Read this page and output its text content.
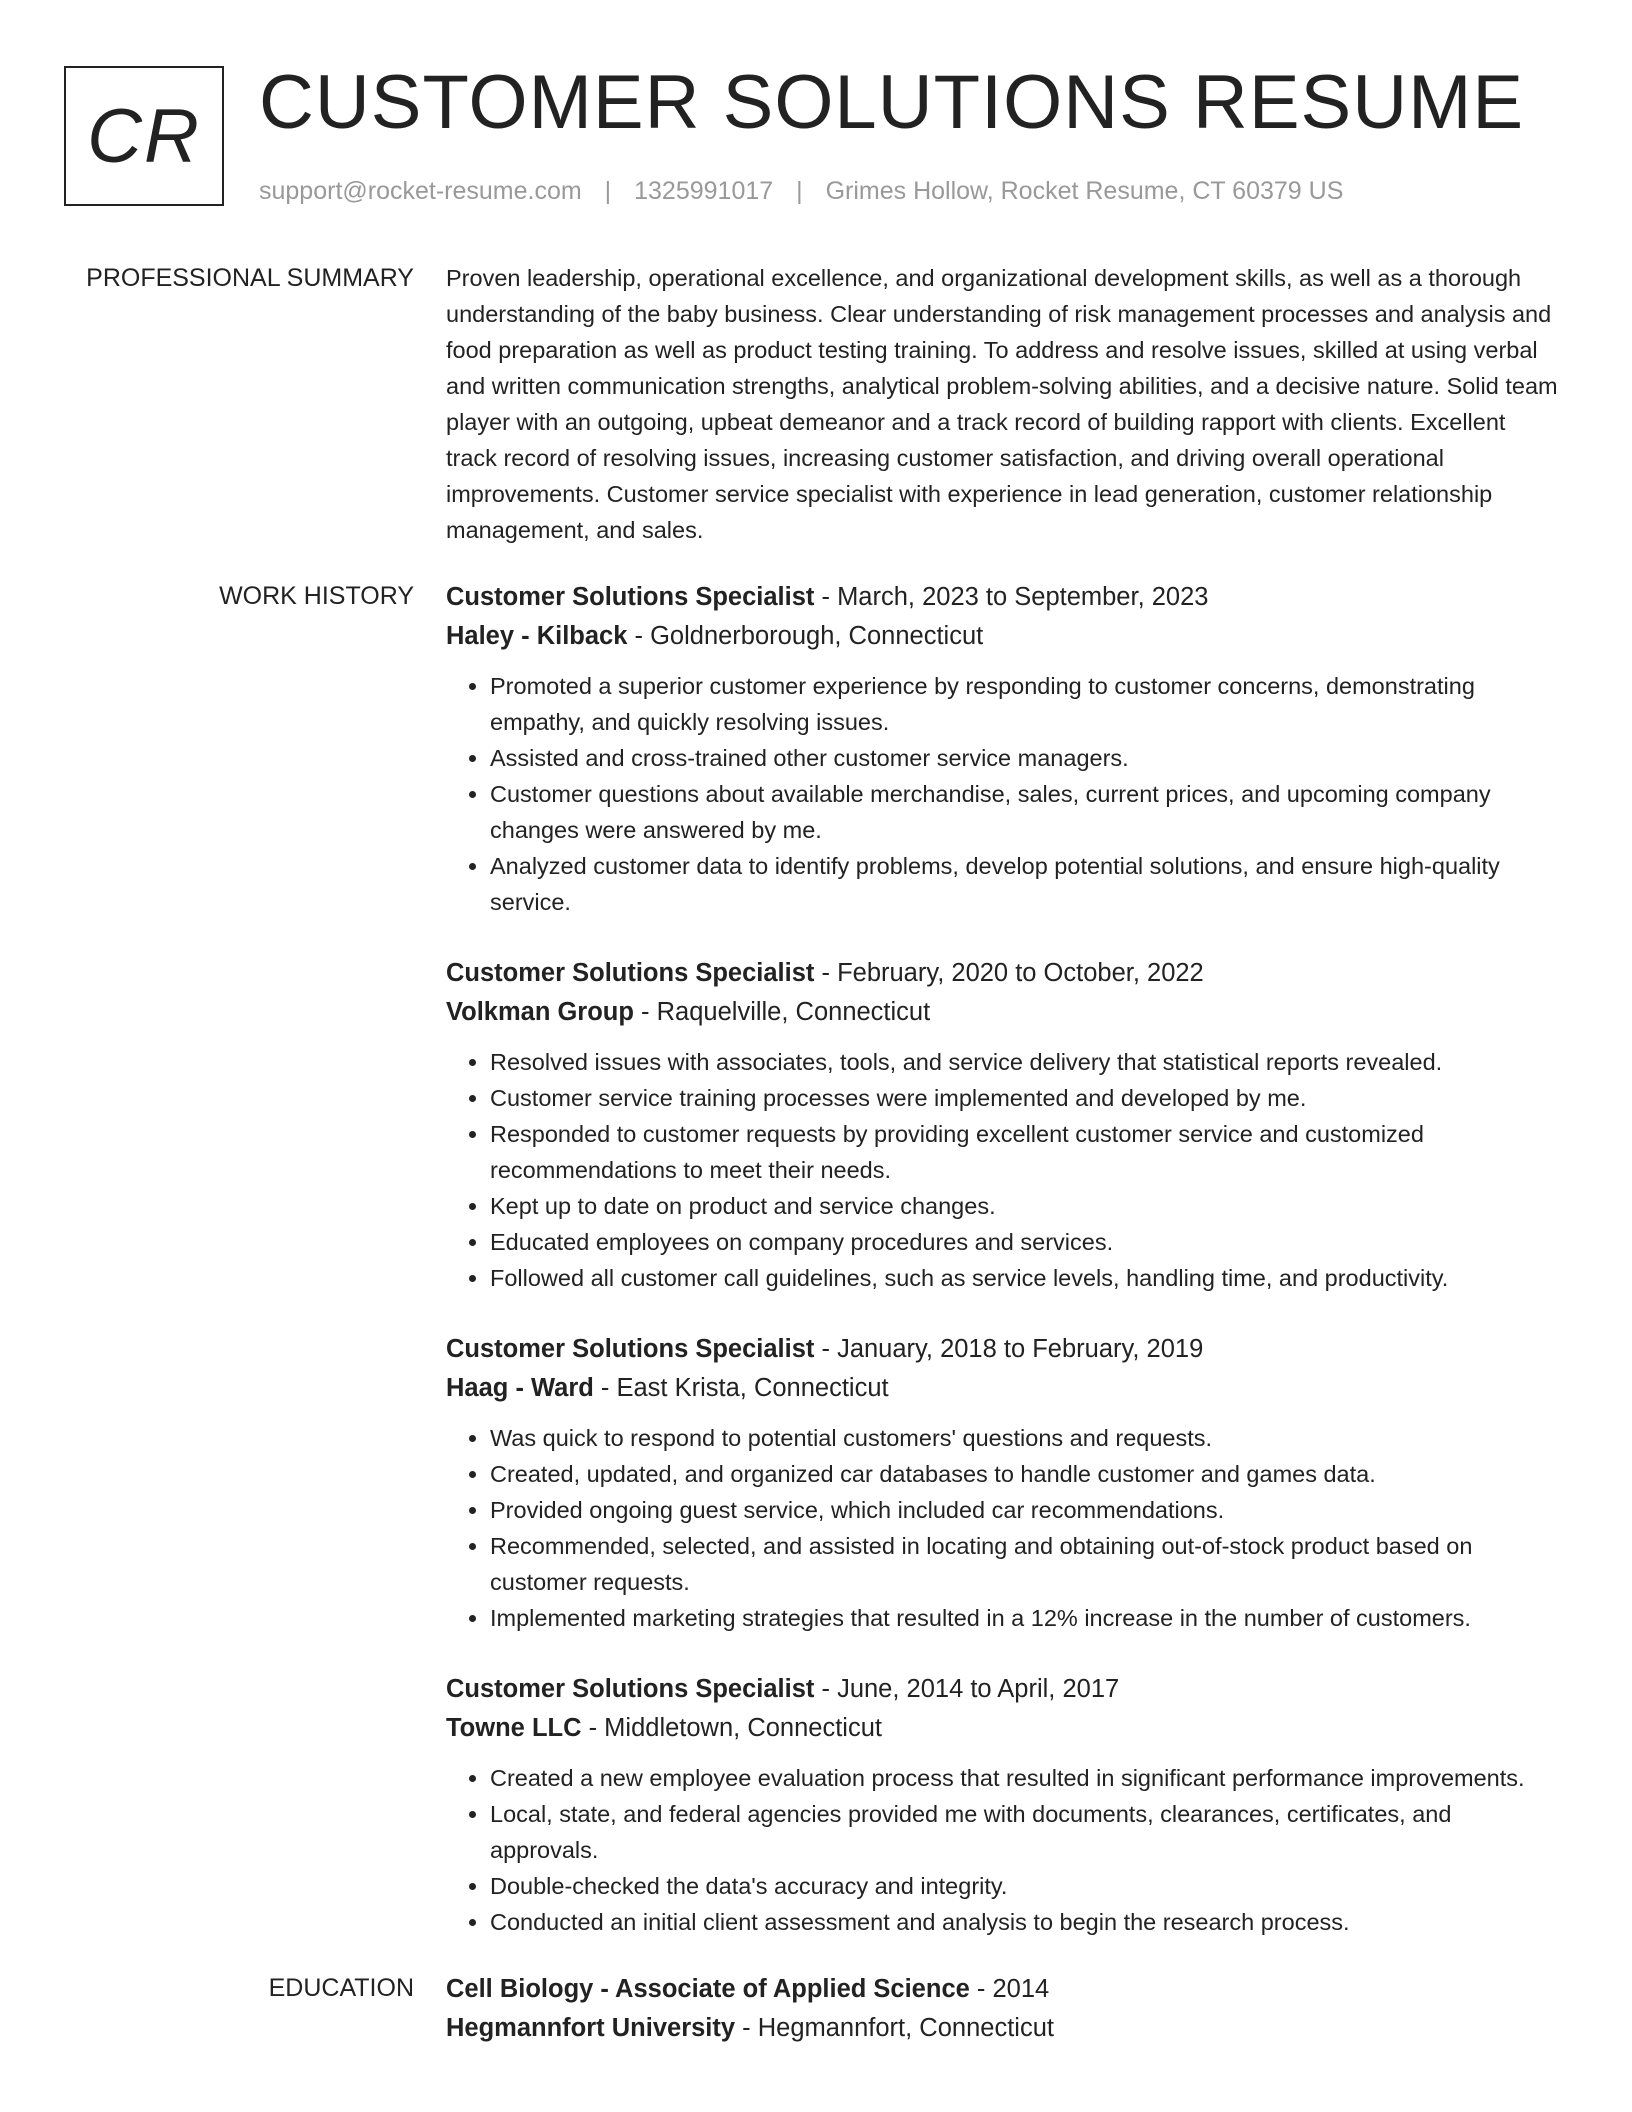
CR CUSTOMER SOLUTIONS RESUME
support@rocket-resume.com | 1325991017 | Grimes Hollow, Rocket Resume, CT 60379 US
PROFESSIONAL SUMMARY Proven leadership, operational excellence, and organizational development skills, as well as a thorough understanding of the baby business. Clear understanding of risk management processes and analysis and food preparation as well as product testing training. To address and resolve issues, skilled at using verbal and written communication strengths, analytical problem-solving abilities, and a decisive nature. Solid team player with an outgoing, upbeat demeanor and a track record of building rapport with clients. Excellent track record of resolving issues, increasing customer satisfaction, and driving overall operational improvements. Customer service specialist with experience in lead generation, customer relationship management, and sales.

WORK HISTORY Customer Solutions Specialist - March, 2023 to September, 2023
Haley - Kilback - Goldnerborough, Connecticut
• Promoted a superior customer experience by responding to customer concerns, demonstrating empathy, and quickly resolving issues.
• Assisted and cross-trained other customer service managers.
• Customer questions about available merchandise, sales, current prices, and upcoming company changes were answered by me.
• Analyzed customer data to identify problems, develop potential solutions, and ensure high-quality service.
Customer Solutions Specialist - February, 2020 to October, 2022
Volkman Group - Raquelville, Connecticut
• Resolved issues with associates, tools, and service delivery that statistical reports revealed.
• Customer service training processes were implemented and developed by me.
• Responded to customer requests by providing excellent customer service and customized recommendations to meet their needs.
• Kept up to date on product and service changes.
• Educated employees on company procedures and services.
• Followed all customer call guidelines, such as service levels, handling time, and productivity.
Customer Solutions Specialist - January, 2018 to February, 2019
Haag - Ward - East Krista, Connecticut
• Was quick to respond to potential customers' questions and requests.
• Created, updated, and organized car databases to handle customer and games data.
• Provided ongoing guest service, which included car recommendations.
• Recommended, selected, and assisted in locating and obtaining out-of-stock product based on customer requests.
• Implemented marketing strategies that resulted in a 12% increase in the number of customers.
Customer Solutions Specialist - June, 2014 to April, 2017
Towne LLC - Middletown, Connecticut
• Created a new employee evaluation process that resulted in significant performance improvements.
• Local, state, and federal agencies provided me with documents, clearances, certificates, and approvals.
• Double-checked the data's accuracy and integrity.
• Conducted an initial client assessment and analysis to begin the research process.
EDUCATION Cell Biology - Associate of Applied Science - 2014
Hegmannfort University - Hegmannfort, Connecticut
